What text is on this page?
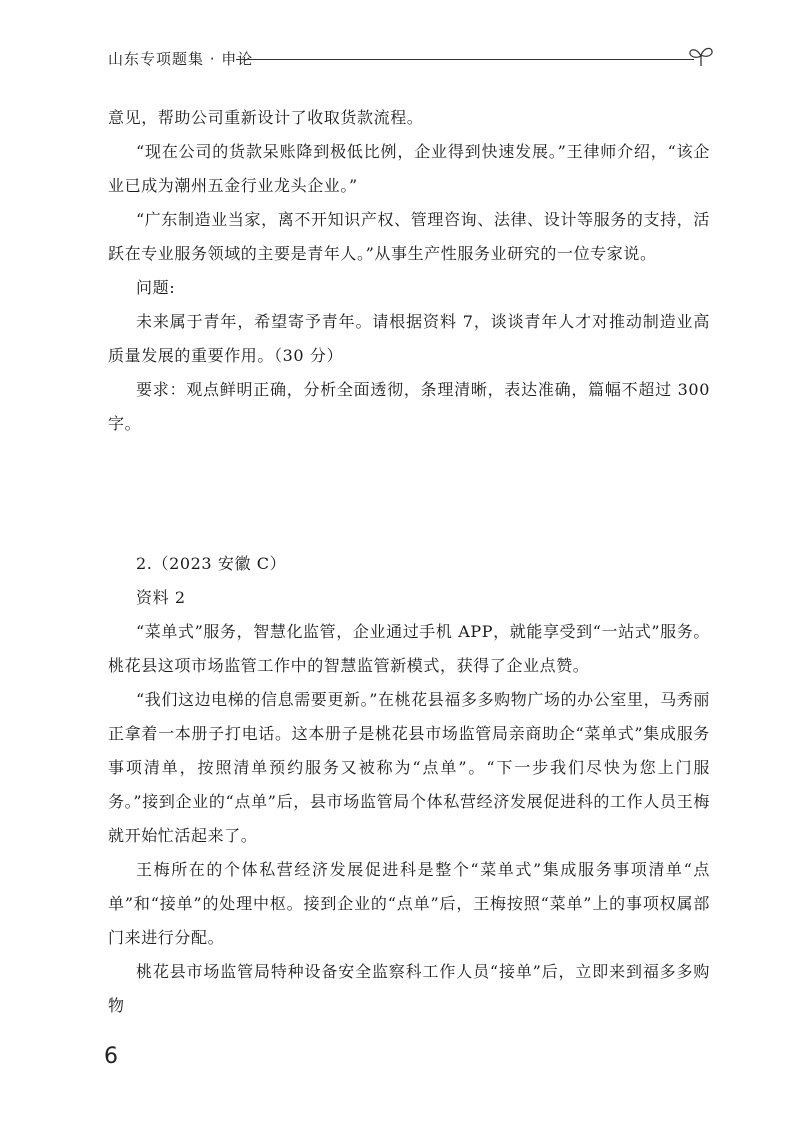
山东专项题集 · 申论

意见，帮助公司重新设计了收取货款流程。

“现在公司的货款呆账降到极低比例，企业得到快速发展。”王律师介绍，“该企业已成为潮州五金行业龙头企业。”

“广东制造业当家，离不开知识产权、管理咨询、法律、设计等服务的支持，活跃在专业服务领域的主要是青年人。”从事生产性服务业研究的一位专家说。

问题:

未来属于青年，希望寄予青年。请根据资料 7，谈谈青年人才对推动制造业高质量发展的重要作用。（30 分）

要求：观点鲜明正确，分析全面透彻，条理清晰，表达准确，篇幅不超过 300 字。

2.（2023 安徽 C）

资料 2

“菜单式”服务，智慧化监管，企业通过手机 APP，就能享受到“一站式”服务。桃花县这项市场监管工作中的智慧监管新模式，获得了企业点赞。

“我们这边电梯的信息需要更新。”在桃花县福多多购物广场的办公室里，马秀丽正拿着一本册子打电话。这本册子是桃花县市场监管局亲商助企“菜单式”集成服务事项清单，按照清单预约服务又被称为“点单”。“下一步我们尽快为您上门服务。”接到企业的“点单”后，县市场监管局个体私营经济发展促进科的工作人员王梅就开始忙活起来了。

王梅所在的个体私营经济发展促进科是整个“菜单式”集成服务事项清单“点单”和“接单”的处理中枢。接到企业的“点单”后，王梅按照“菜单”上的事项权属部门来进行分配。

桃花县市场监管局特种设备安全监察科工作人员“接单”后，立即来到福多多购物

6
